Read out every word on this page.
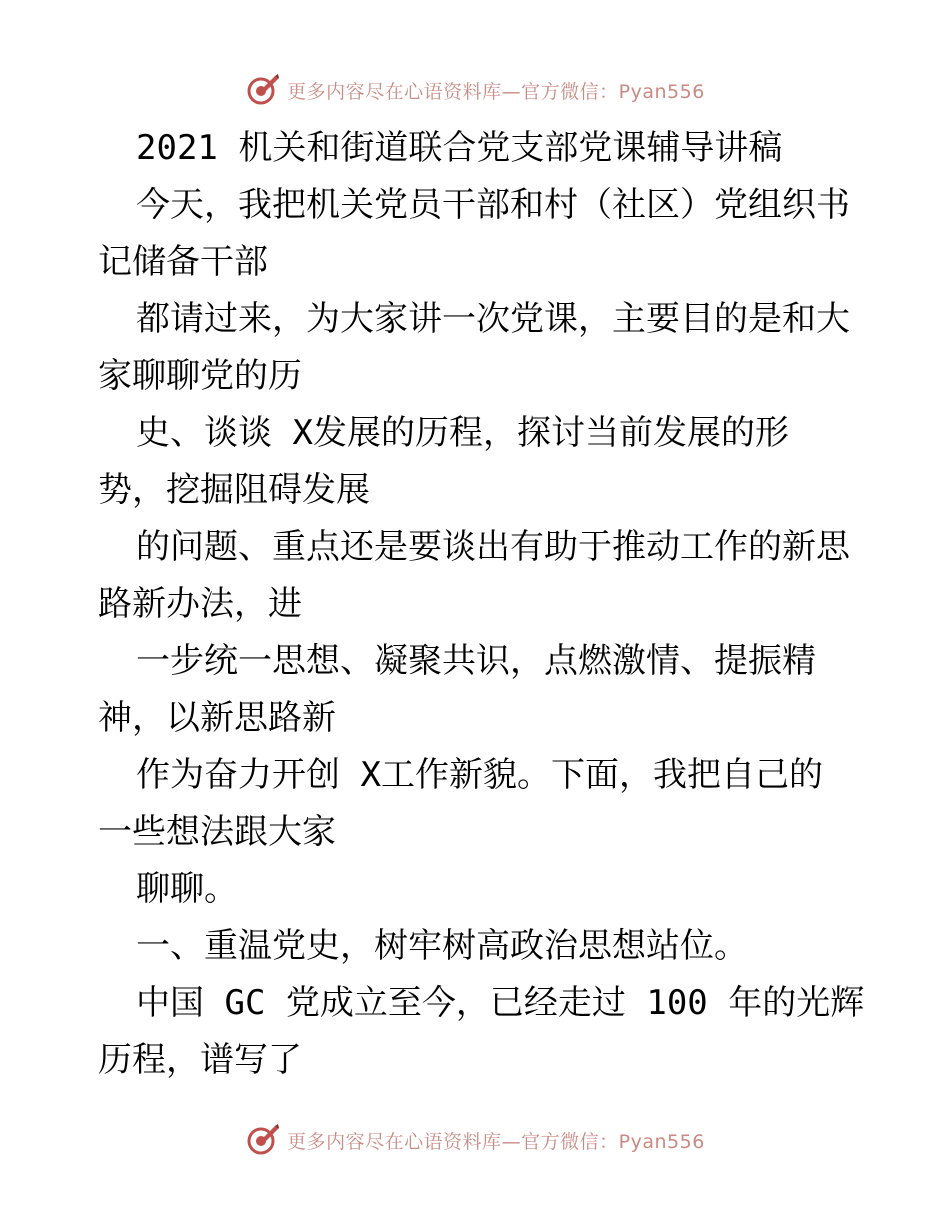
更多内容尽在心语资料库—官方微信：Pyan556
2021 机关和街道联合党支部党课辅导讲稿
今天，我把机关党员干部和村（社区）党组织书
记储备干部
都请过来，为大家讲一次党课，主要目的是和大
家聊聊党的历
史、谈谈 X发展的历程，探讨当前发展的形
势，挖掘阻碍发展
的问题、重点还是要谈出有助于推动工作的新思
路新办法，进
一步统一思想、凝聚共识，点燃激情、提振精
神，以新思路新
作为奋力开创 X工作新貌。下面，我把自己的
一些想法跟大家
聊聊。
一、重温党史，树牢树高政治思想站位。
中国 GC 党成立至今，已经走过 100 年的光辉
历程，谱写了
更多内容尽在心语资料库—官方微信：Pyan556
